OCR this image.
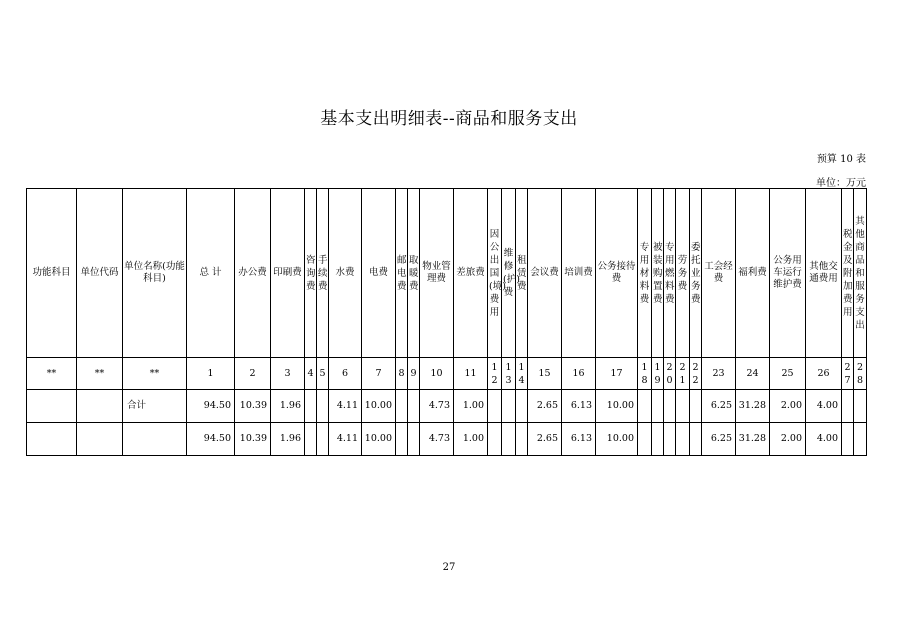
基本支出明细表--商品和服务支出
预算 10 表
单位：万元
功能科目	单位代码	单位名称(功能科目)	总 计	办公费	印刷费	咨询费	手续费	水费	电费	邮电费	取暖费	物业管理费	差旅费	因公出国(境)费用	维修(护)费	租赁费	会议费	培训费	公务接待费	专用材料费	被装购置费	专用燃料费	劳务费	委托业务费	工会经费	福利费	公务用车运行维护费	其他交通费用	税金及附加费用	其他商品和服务支出
**	**	**	1	2	3	4	5	6	7	8	9	10	11	12	13	14	15	16	17	18	19	20	21	22	23	24	25	26	27	28
		合计	94.50	10.39	1.96			4.11	10.00			4.73	1.00				2.65	6.13	10.00						6.25	31.28	2.00	4.00		
			94.50	10.39	1.96			4.11	10.00			4.73	1.00				2.65	6.13	10.00						6.25	31.28	2.00	4.00		
27
